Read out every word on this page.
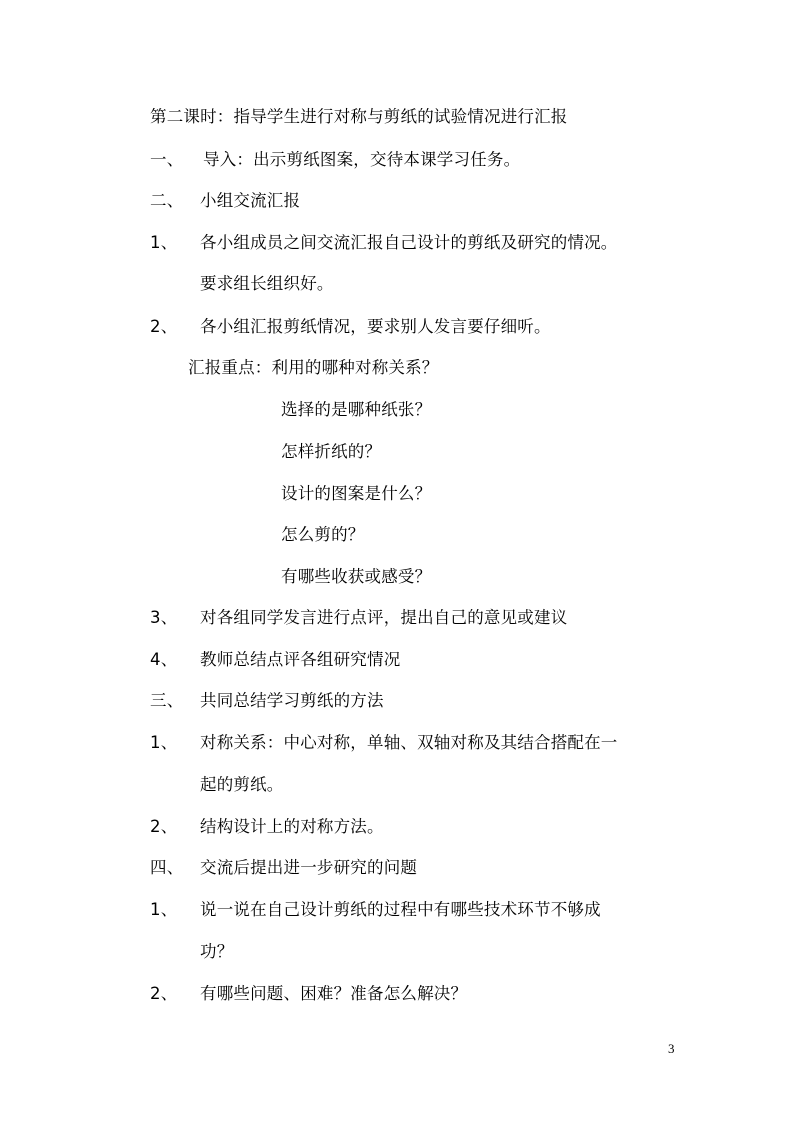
第二课时：指导学生进行对称与剪纸的试验情况进行汇报
一、 导入：出示剪纸图案，交待本课学习任务。
二、 小组交流汇报
1、 各小组成员之间交流汇报自己设计的剪纸及研究的情况。
要求组长组织好。
2、 各小组汇报剪纸情况，要求别人发言要仔细听。
汇报重点：利用的哪种对称关系？
选择的是哪种纸张？
怎样折纸的？
设计的图案是什么？
怎么剪的？
有哪些收获或感受？
3、 对各组同学发言进行点评，提出自己的意见或建议
4、 教师总结点评各组研究情况
三、 共同总结学习剪纸的方法
1、 对称关系：中心对称，单轴、双轴对称及其结合搭配在一
起的剪纸。
2、 结构设计上的对称方法。
四、 交流后提出进一步研究的问题
1、 说一说在自己设计剪纸的过程中有哪些技术环节不够成
功？
2、 有哪些问题、困难？准备怎么解决？
3
